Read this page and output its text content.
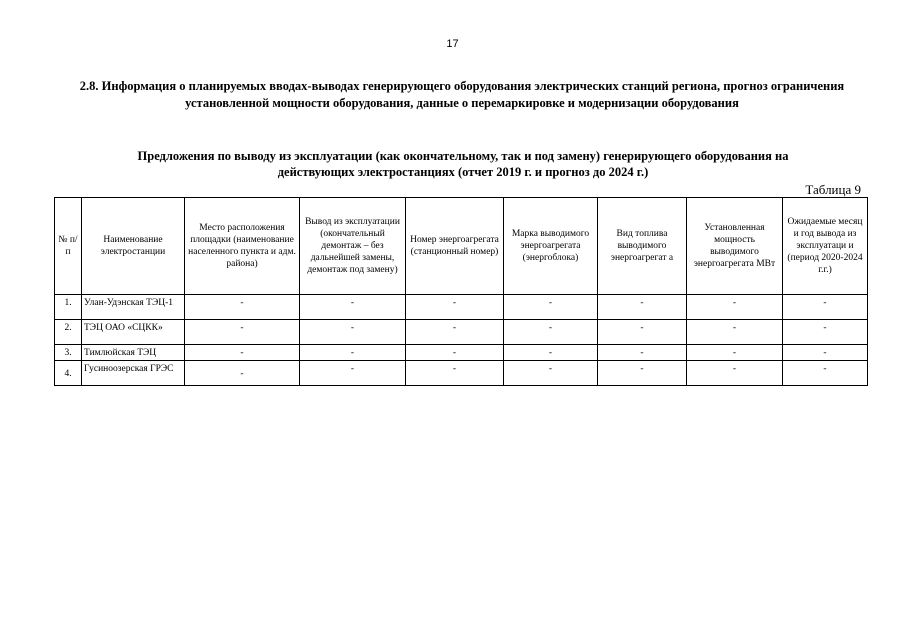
17
2.8. Информация о планируемых вводах-выводах генерирующего оборудования электрических станций региона, прогноз ограничения установленной мощности оборудования, данные о перемаркировке и модернизации оборудования
Предложения по выводу из эксплуатации (как окончательному, так и под замену) генерирующего оборудования на действующих электростанциях (отчет 2019 г. и прогноз до 2024 г.)
Таблица 9
№ п/п	Наименование электростанции	Место расположения площадки (наименование населенного пункта и адм. района)	Вывод из эксплуатации (окончательный демонтаж – без дальнейшей замены, демонтаж под замену)	Номер энергоагрегата (станционный номер)	Марка выводимого энергоагрегата (энергоблока)	Вид топлива выводимого энергоагрегат а	Установленная мощность выводимого энергоагрегата МВт	Ожидаемые месяц и год вывода из эксплуатаци и (период 2020-2024 г.г.)
1.	Улан-Удэнская ТЭЦ-1	-	-	-	-	-	-	-
2.	ТЭЦ ОАО «СЦКК»	-	-	-	-	-	-	-
3.	Тимлюйская ТЭЦ	-	-	-	-	-	-	-
4.	Гусиноозерская ГРЭС	-	-	-	-	-	-	-
